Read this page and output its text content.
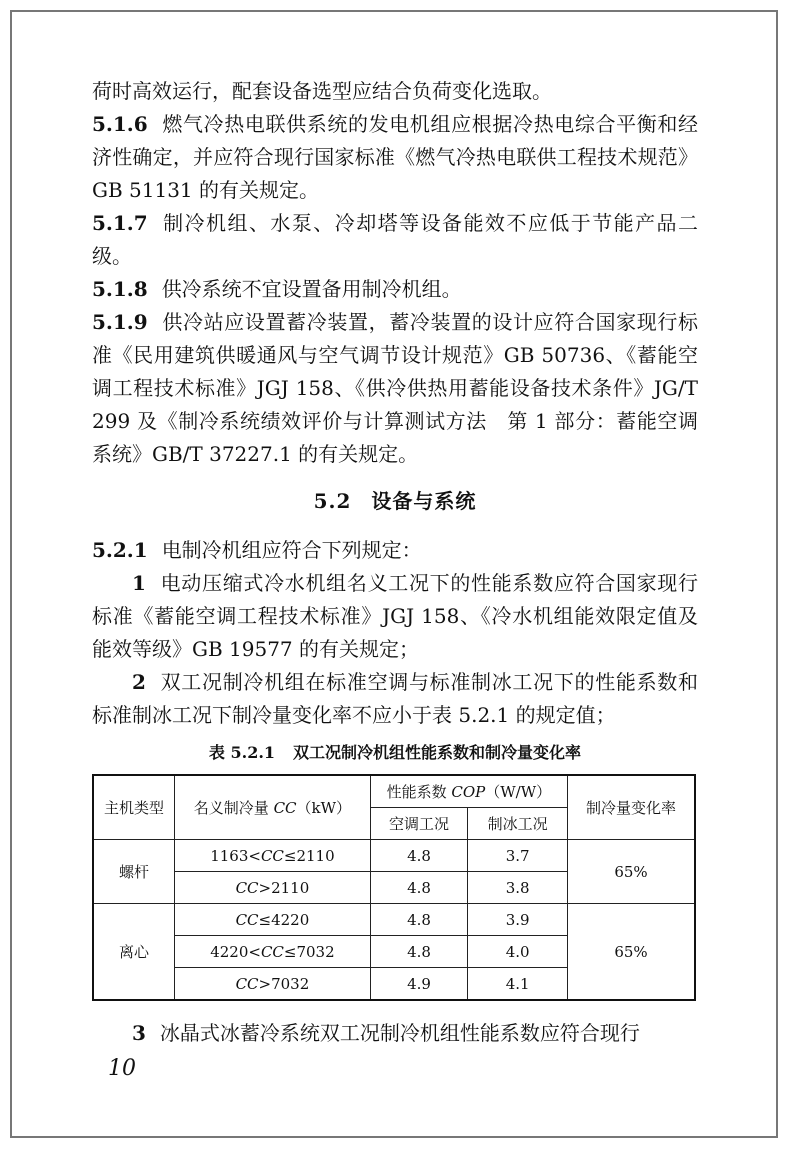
荷时高效运行，配套设备选型应结合负荷变化选取。

5.1.6 燃气冷热电联供系统的发电机组应根据冷热电综合平衡和经济性确定，并应符合现行国家标准《燃气冷热电联供工程技术规范》GB 51131 的有关规定。

5.1.7 制冷机组、水泵、冷却塔等设备能效不应低于节能产品二级。

5.1.8 供冷系统不宜设置备用制冷机组。

5.1.9 供冷站应设置蓄冷装置，蓄冷装置的设计应符合国家现行标准《民用建筑供暖通风与空气调节设计规范》GB 50736、《蓄能空调工程技术标准》JGJ 158、《供冷供热用蓄能设备技术条件》JG/T 299 及《制冷系统绩效评价与计算测试方法　第 1 部分：蓄能空调系统》GB/T 37227.1 的有关规定。

5.2 设备与系统

5.2.1 电制冷机组应符合下列规定：

1 电动压缩式冷水机组名义工况下的性能系数应符合国家现行标准《蓄能空调工程技术标准》JGJ 158、《冷水机组能效限定值及能效等级》GB 19577 的有关规定；

2 双工况制冷机组在标准空调与标准制冰工况下的性能系数和标准制冰工况下制冷量变化率不应小于表 5.2.1 的规定值；

表 5.2.1 双工况制冷机组性能系数和制冷量变化率
主机类型	名义制冷量 CC（kW）	性能系数 COP（W/W）		制冷量变化率
		空调工况	制冰工况	
螺杆	1163<CC≤2110	4.8	3.7	65%
	CC>2110	4.8	3.8	
离心	CC≤4220	4.8	3.9	65%
	4220<CC≤7032	4.8	4.0	
	CC>7032	4.9	4.1	

3 冰晶式冰蓄冷系统双工况制冷机组性能系数应符合现行

10
